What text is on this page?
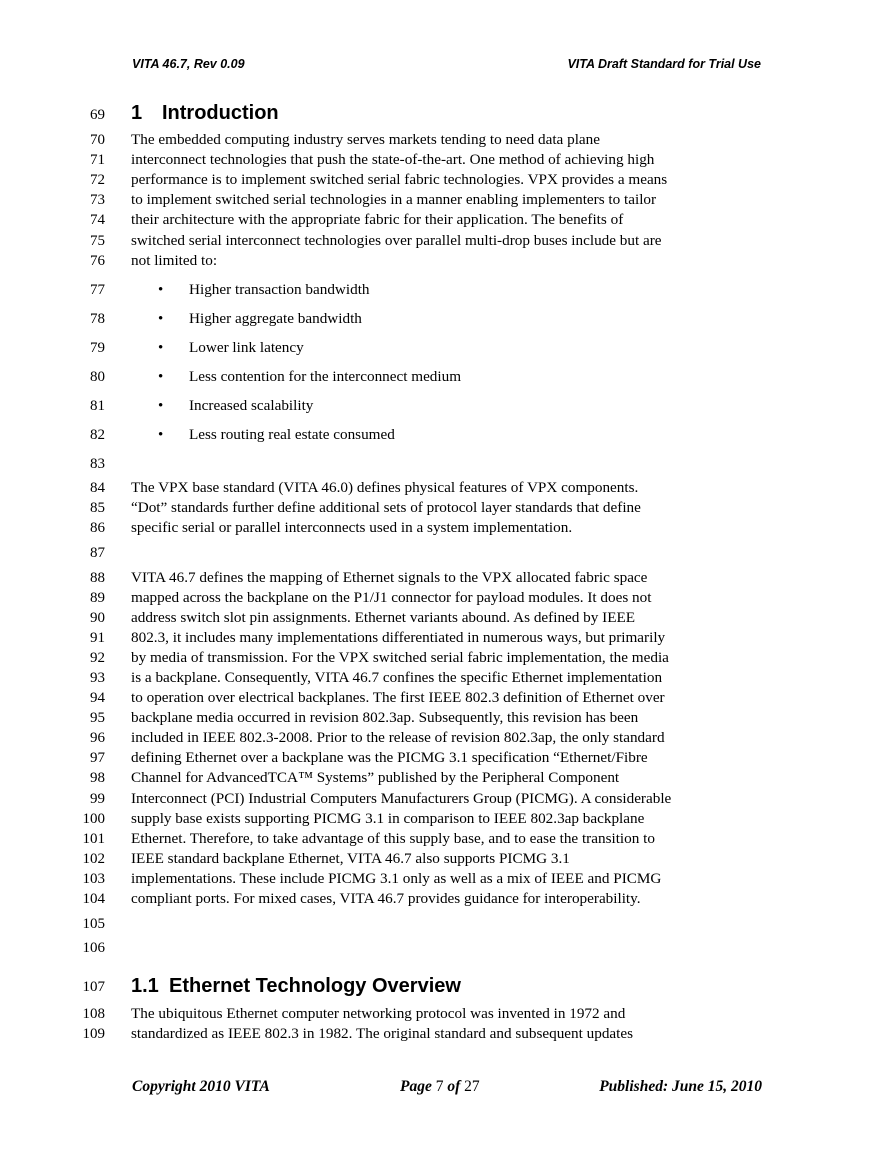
VITA 46.7, Rev 0.09	VITA Draft Standard for Trial Use
69 1 Introduction
70 The embedded computing industry serves markets tending to need data plane
71 interconnect technologies that push the state-of-the-art. One method of achieving high
72 performance is to implement switched serial fabric technologies. VPX provides a means
73 to implement switched serial technologies in a manner enabling implementers to tailor
74 their architecture with the appropriate fabric for their application. The benefits of
75 switched serial interconnect technologies over parallel multi-drop buses include but are
76 not limited to:
77	• Higher transaction bandwidth
78	• Higher aggregate bandwidth
79	• Lower link latency
80	• Less contention for the interconnect medium
81	• Increased scalability
82	• Less routing real estate consumed
83
84 The VPX base standard (VITA 46.0) defines physical features of VPX components.
85 “Dot” standards further define additional sets of protocol layer standards that define
86 specific serial or parallel interconnects used in a system implementation.
87
88 VITA 46.7 defines the mapping of Ethernet signals to the VPX allocated fabric space
89 mapped across the backplane on the P1/J1 connector for payload modules. It does not
90 address switch slot pin assignments. Ethernet variants abound. As defined by IEEE
91 802.3, it includes many implementations differentiated in numerous ways, but primarily
92 by media of transmission. For the VPX switched serial fabric implementation, the media
93 is a backplane. Consequently, VITA 46.7 confines the specific Ethernet implementation
94 to operation over electrical backplanes. The first IEEE 802.3 definition of Ethernet over
95 backplane media occurred in revision 802.3ap. Subsequently, this revision has been
96 included in IEEE 802.3-2008. Prior to the release of revision 802.3ap, the only standard
97 defining Ethernet over a backplane was the PICMG 3.1 specification “Ethernet/Fibre
98 Channel for AdvancedTCA™ Systems” published by the Peripheral Component
99 Interconnect (PCI) Industrial Computers Manufacturers Group (PICMG). A considerable
100 supply base exists supporting PICMG 3.1 in comparison to IEEE 802.3ap backplane
101 Ethernet. Therefore, to take advantage of this supply base, and to ease the transition to
102 IEEE standard backplane Ethernet, VITA 46.7 also supports PICMG 3.1
103 implementations. These include PICMG 3.1 only as well as a mix of IEEE and PICMG
104 compliant ports. For mixed cases, VITA 46.7 provides guidance for interoperability.
105
106
107 1.1 Ethernet Technology Overview
108 The ubiquitous Ethernet computer networking protocol was invented in 1972 and
109 standardized as IEEE 802.3 in 1982. The original standard and subsequent updates
Copyright 2010 VITA	Page 7 of 27	Published: June 15, 2010
